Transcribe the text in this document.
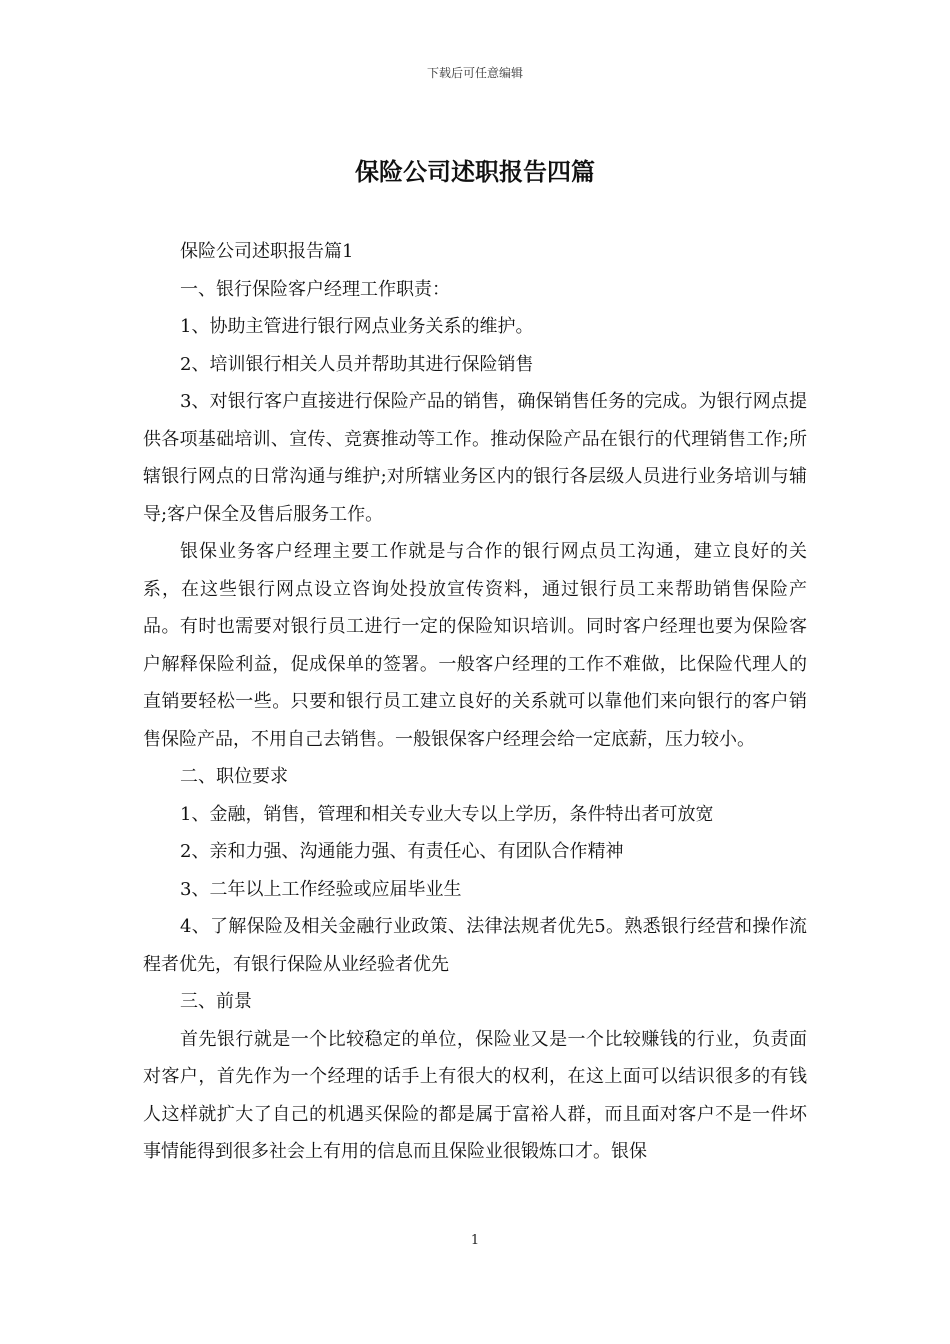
下载后可任意编辑
保险公司述职报告四篇

保险公司述职报告篇1

一、银行保险客户经理工作职责：

1、协助主管进行银行网点业务关系的维护。

2、培训银行相关人员并帮助其进行保险销售

3、对银行客户直接进行保险产品的销售，确保销售任务的完成。为银行网点提供各项基础培训、宣传、竞赛推动等工作。推动保险产品在银行的代理销售工作;所辖银行网点的日常沟通与维护;对所辖业务区内的银行各层级人员进行业务培训与辅导;客户保全及售后服务工作。

银保业务客户经理主要工作就是与合作的银行网点员工沟通，建立良好的关系，在这些银行网点设立咨询处投放宣传资料，通过银行员工来帮助销售保险产品。有时也需要对银行员工进行一定的保险知识培训。同时客户经理也要为保险客户解释保险利益，促成保单的签署。一般客户经理的工作不难做，比保险代理人的直销要轻松一些。只要和银行员工建立良好的关系就可以靠他们来向银行的客户销售保险产品，不用自己去销售。一般银保客户经理会给一定底薪，压力较小。

二、职位要求

1、金融，销售，管理和相关专业大专以上学历，条件特出者可放宽

2、亲和力强、沟通能力强、有责任心、有团队合作精神

3、二年以上工作经验或应届毕业生

4、了解保险及相关金融行业政策、法律法规者优先5。熟悉银行经营和操作流程者优先，有银行保险从业经验者优先

三、前景

首先银行就是一个比较稳定的单位，保险业又是一个比较赚钱的行业，负责面对客户，首先作为一个经理的话手上有很大的权利，在这上面可以结识很多的有钱人这样就扩大了自己的机遇买保险的都是属于富裕人群，而且面对客户不是一件坏事情能得到很多社会上有用的信息而且保险业很锻炼口才。银保

1
